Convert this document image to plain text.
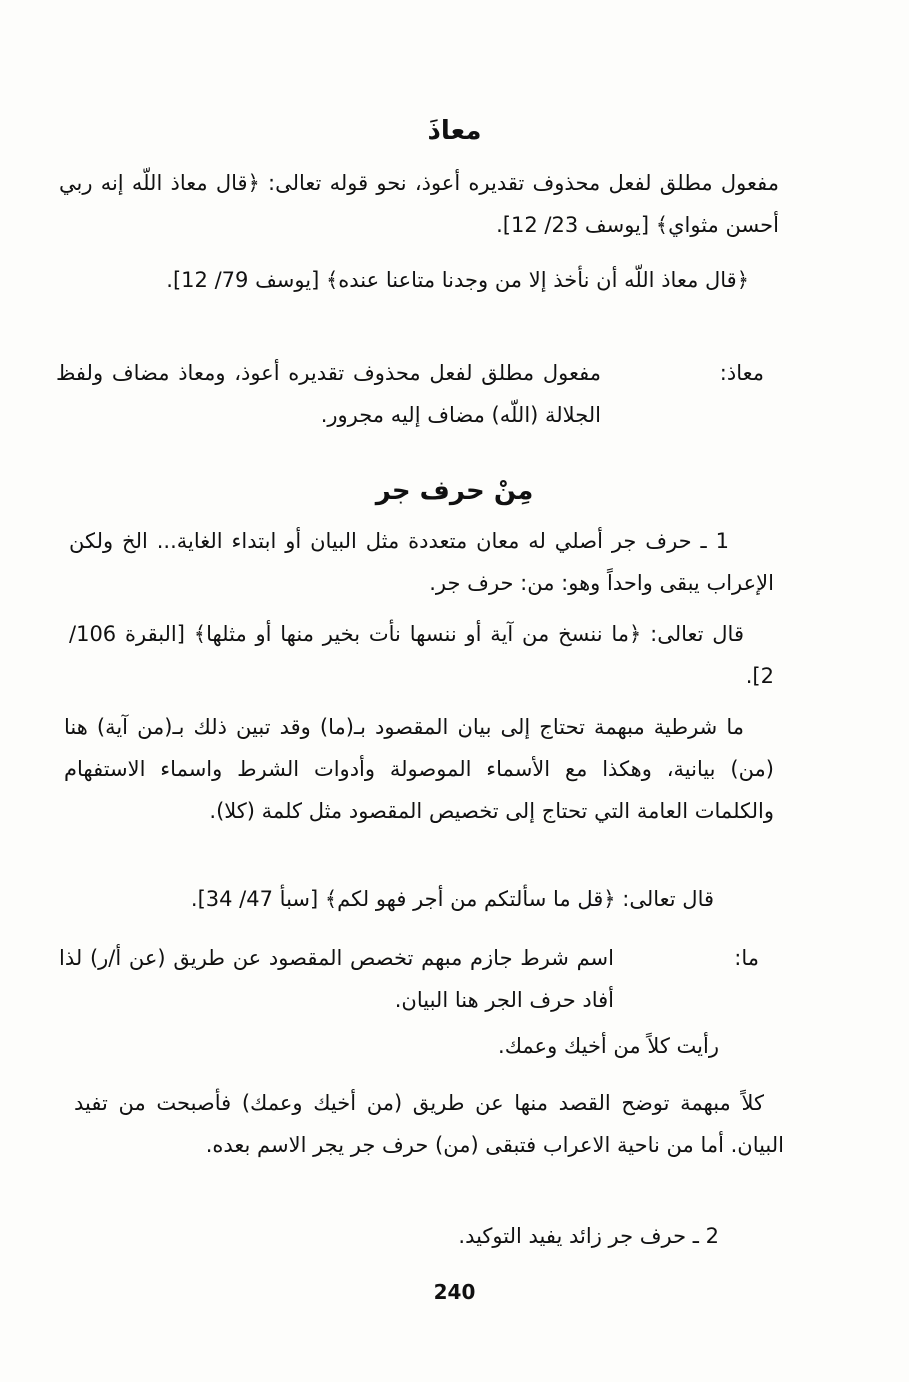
معاذَ

مفعول مطلق لفعل محذوف تقديره أعوذ، نحو قوله تعالى: ﴿قال معاذ اللّه إنه ربي أحسن مثواي﴾ [يوسف 23/ 12].

﴿قال معاذ اللّه أن نأخذ إلا من وجدنا متاعنا عنده﴾ [يوسف 79/ 12].

معاذ:

مفعول مطلق لفعل محذوف تقديره أعوذ، ومعاذ مضاف ولفظ الجلالة (اللّه) مضاف إليه مجرور.

مِنْ حرف جر

1 ـ حرف جر أصلي له معان متعددة مثل البيان أو ابتداء الغاية... الخ ولكن الإعراب يبقى واحداً وهو: من: حرف جر.

قال تعالى: ﴿ما ننسخ من آية أو ننسها نأت بخير منها أو مثلها﴾ [البقرة 106/ 2].

ما شرطية مبهمة تحتاج إلى بيان المقصود بـ(ما) وقد تبين ذلك بـ(من آية) هنا (من) بيانية، وهكذا مع الأسماء الموصولة وأدوات الشرط واسماء الاستفهام والكلمات العامة التي تحتاج إلى تخصيص المقصود مثل كلمة (كلا).

قال تعالى: ﴿قل ما سألتكم من أجر فهو لكم﴾ [سبأ 47/ 34].

ما:

اسم شرط جازم مبهم تخصص المقصود عن طريق (عن أ/ر) لذا أفاد حرف الجر هنا البيان.

رأيت كلاً من أخيك وعمك.

كلاً مبهمة توضح القصد منها عن طريق (من أخيك وعمك) فأصبحت من تفيد البيان. أما من ناحية الاعراب فتبقى (من) حرف جر يجر الاسم بعده.

2 ـ حرف جر زائد يفيد التوكيد.

240
